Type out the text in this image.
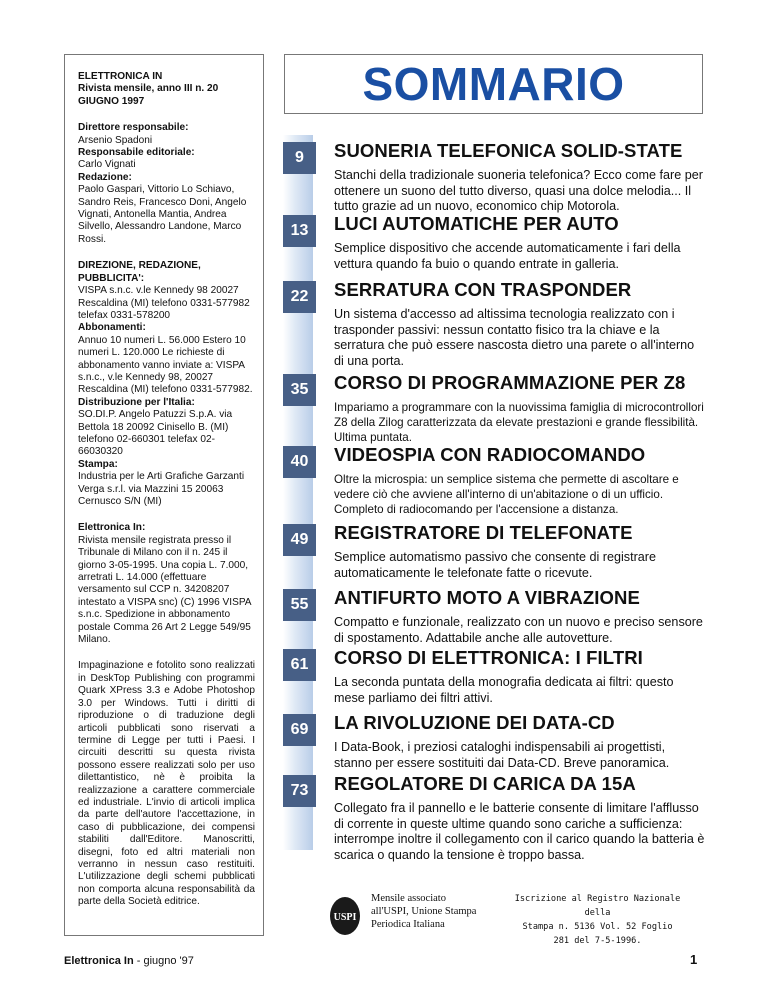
ELETTRONICA IN

Rivista mensile, anno III n. 20

GIUGNO 1997

Direttore responsabile:

Arsenio Spadoni

Responsabile editoriale:

Carlo Vignati

Redazione:

Paolo Gaspari, Vittorio Lo Schiavo, Sandro Reis, Francesco Doni, Angelo Vignati, Antonella Mantia, Andrea Silvello, Alessandro Landone, Marco Rossi.

DIREZIONE, REDAZIONE, PUBBLICITA':

VISPA s.n.c. v.le Kennedy 98 20027 Rescaldina (MI) telefono 0331-577982 telefax 0331-578200

Abbonamenti:

Annuo 10 numeri L. 56.000 Estero 10 numeri L. 120.000 Le richieste di abbonamento vanno inviate a: VISPA s.n.c., v.le Kennedy 98, 20027 Rescaldina (MI) telefono 0331-577982.

Distribuzione per l'Italia:

SO.DI.P. Angelo Patuzzi S.p.A. via Bettola 18 20092 Cinisello B. (MI) telefono 02-660301 telefax 02-66030320

Stampa:

Industria per le Arti Grafiche Garzanti Verga s.r.l. via Mazzini 15 20063 Cernusco S/N (MI)

Elettronica In:

Rivista mensile registrata presso il Tribunale di Milano con il n. 245 il giorno 3-05-1995. Una copia L. 7.000, arretrati L. 14.000 (effettuare versamento sul CCP n. 34208207 intestato a VISPA snc) (C) 1996 VISPA s.n.c. Spedizione in abbonamento postale Comma 26 Art 2 Legge 549/95 Milano.

Impaginazione e fotolito sono realizzati in DeskTop Publishing con programmi Quark XPress 3.3 e Adobe Photoshop 3.0 per Windows. Tutti i diritti di riproduzione o di traduzione degli articoli pubblicati sono riservati a termine di Legge per tutti i Paesi. I circuiti descritti su questa rivista possono essere realizzati solo per uso dilettantistico, nè è proibita la realizzazione a carattere commerciale ed industriale. L'invio di articoli implica da parte dell'autore l'accettazione, in caso di pubblicazione, dei compensi stabiliti dall'Editore. Manoscritti, disegni, foto ed altri materiali non verranno in nessun caso restituiti. L'utilizzazione degli schemi pubblicati non comporta alcuna responsabilità da parte della Società editrice.

SOMMARIO
9	SUONERIA TELEFONICA SOLID-STATE
Stanchi della tradizionale suoneria telefonica? Ecco come fare per ottenere un suono del tutto diverso, quasi una dolce melodia... Il tutto grazie ad un nuovo, economico chip Motorola.
13	LUCI AUTOMATICHE PER AUTO
Semplice dispositivo che accende automaticamente i fari della vettura quando fa buio o quando entrate in galleria.
22	SERRATURA CON TRASPONDER
Un sistema d'accesso ad altissima tecnologia realizzato con i trasponder passivi: nessun contatto fisico tra la chiave e la serratura che può essere nascosta dietro una parete o all'interno di una porta.
35	CORSO DI PROGRAMMAZIONE PER Z8
Impariamo a programmare con la nuovissima famiglia di microcontrollori Z8 della Zilog caratterizzata da elevate prestazioni e grande flessibilità. Ultima puntata.
40	VIDEOSPIA CON RADIOCOMANDO
Oltre la microspia: un semplice sistema che permette di ascoltare e vedere ciò che avviene all'interno di un'abitazione o di un ufficio. Completo di radiocomando per l'accensione a distanza.
49	REGISTRATORE DI TELEFONATE
Semplice automatismo passivo che consente di registrare automaticamente le telefonate fatte o ricevute.
55	ANTIFURTO MOTO A VIBRAZIONE
Compatto e funzionale, realizzato con un nuovo e preciso sensore di spostamento. Adattabile anche alle autovetture.
61	CORSO DI ELETTRONICA: I FILTRI
La seconda puntata della monografia dedicata ai filtri: questo mese parliamo dei filtri attivi.
69	LA RIVOLUZIONE DEI DATA-CD
I Data-Book, i preziosi cataloghi indispensabili ai progettisti, stanno per essere sostituiti dai Data-CD. Breve panoramica.
73	REGOLATORE DI CARICA DA 15A
Collegato fra il pannello e le batterie consente di limitare l'afflusso di corrente in queste ultime quando sono cariche a sufficienza: interrompe inoltre il collegamento con il carico quando la batteria è scarica o quando la tensione è troppo bassa.
USPI
Mensile associato
all'USPI, Unione Stampa
Periodica Italiana
Iscrizione al Registro Nazionale della
Stampa n. 5136 Vol. 52 Foglio
281 del 7-5-1996.
Elettronica In - giugno '97	1
